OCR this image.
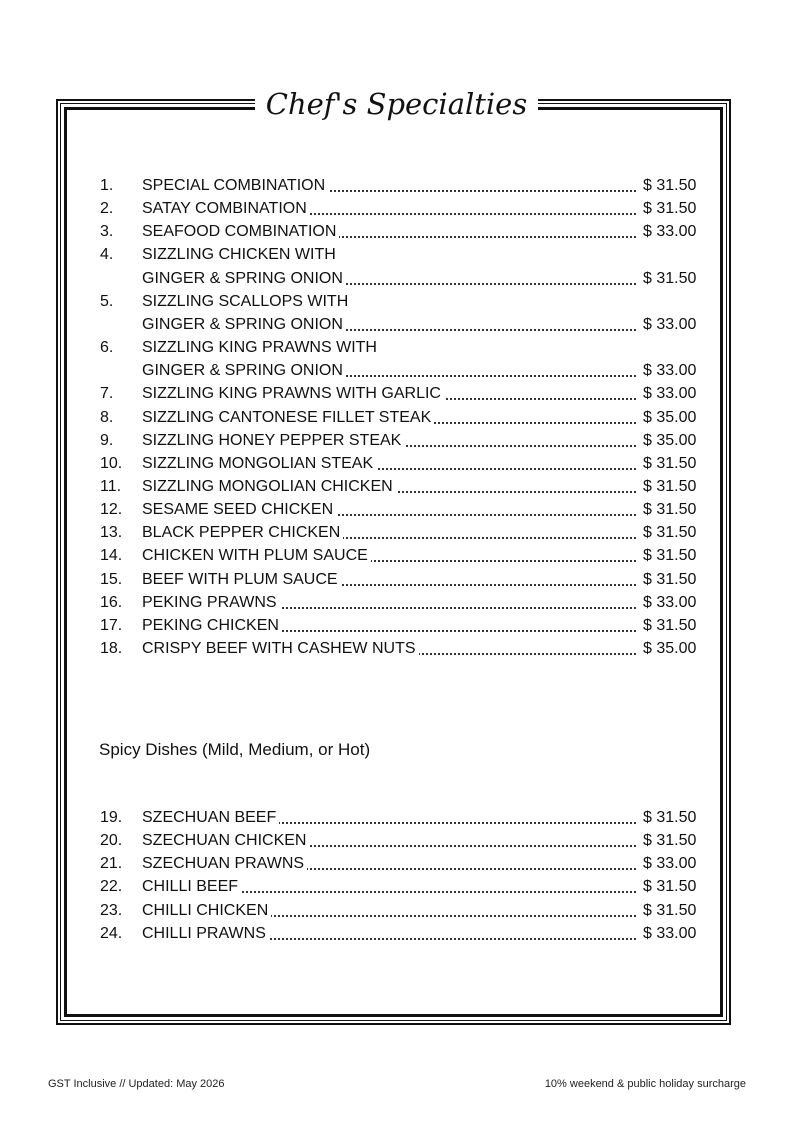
Chef's Specialties
1.	SPECIAL COMBINATION	$ 31.50
2.	SATAY COMBINATION	$ 31.50
3.	SEAFOOD COMBINATION	$ 33.00
4.	SIZZLING CHICKEN WITH
GINGER & SPRING ONION	$ 31.50
5.	SIZZLING SCALLOPS WITH
GINGER & SPRING ONION	$ 33.00
6.	SIZZLING KING PRAWNS WITH
GINGER & SPRING ONION	$ 33.00
7.	SIZZLING KING PRAWNS WITH GARLIC	$ 33.00
8.	SIZZLING CANTONESE FILLET STEAK	$ 35.00
9.	SIZZLING HONEY PEPPER STEAK	$ 35.00
10.	SIZZLING MONGOLIAN STEAK	$ 31.50
11.	SIZZLING MONGOLIAN CHICKEN	$ 31.50
12.	SESAME SEED CHICKEN	$ 31.50
13.	BLACK PEPPER CHICKEN	$ 31.50
14.	CHICKEN WITH PLUM SAUCE	$ 31.50
15.	BEEF WITH PLUM SAUCE	$ 31.50
16.	PEKING PRAWNS	$ 33.00
17.	PEKING CHICKEN	$ 31.50
18.	CRISPY BEEF WITH CASHEW NUTS	$ 35.00
Spicy Dishes (Mild, Medium, or Hot)
19.	SZECHUAN BEEF	$ 31.50
20.	SZECHUAN CHICKEN	$ 31.50
21.	SZECHUAN PRAWNS	$ 33.00
22.	CHILLI BEEF	$ 31.50
23.	CHILLI CHICKEN	$ 31.50
24.	CHILLI PRAWNS	$ 33.00
GST Inclusive // Updated: May 2026	10% weekend & public holiday surcharge
